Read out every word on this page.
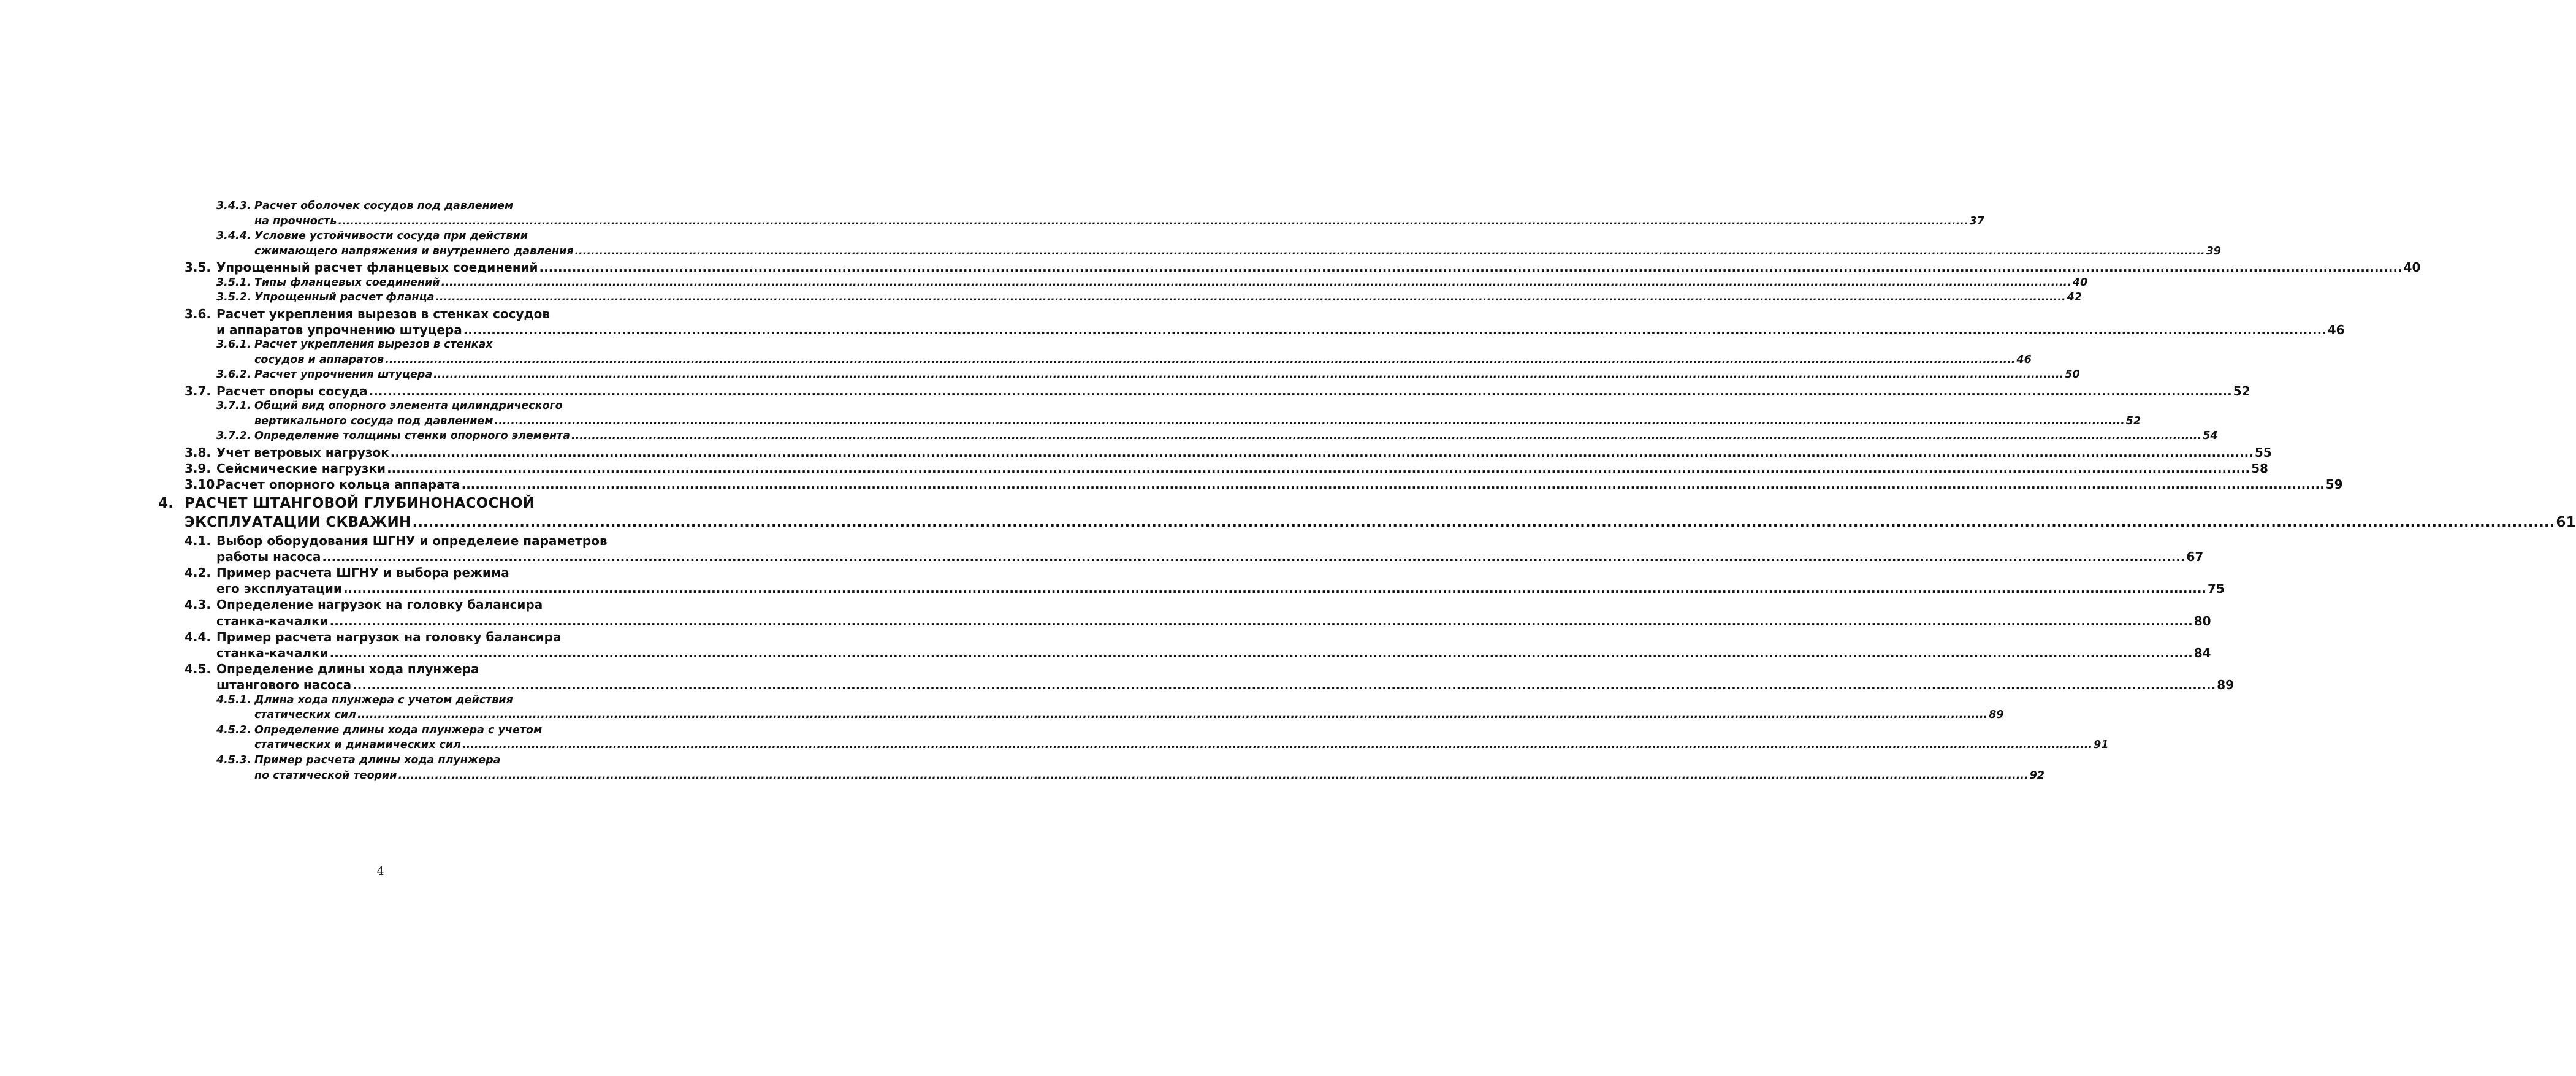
3.4.3. Расчет оболочек сосудов под давлением
на прочность ................................................................................................................................................................................................................................................................................................................................................................................................................ 37
3.4.4. Условие устойчивости сосуда при действии
сжимающего напряжения и внутреннего давления ................................................................................................................................................................................................................................................................................................................................................................................................................ 39
3.5. Упрощенный расчет фланцевых соединений ................................................................................................................................................................................................................................................................................................................................................................................................................ 40
3.5.1. Типы фланцевых соединений ................................................................................................................................................................................................................................................................................................................................................................................................................ 40
3.5.2. Упрощенный расчет фланца ................................................................................................................................................................................................................................................................................................................................................................................................................ 42
3.6. Расчет укрепления вырезов в стенках сосудов
и аппаратов упрочнению штуцера ................................................................................................................................................................................................................................................................................................................................................................................................................ 46
3.6.1. Расчет укрепления вырезов в стенках
сосудов и аппаратов ................................................................................................................................................................................................................................................................................................................................................................................................................ 46
3.6.2. Расчет упрочнения штуцера ................................................................................................................................................................................................................................................................................................................................................................................................................ 50
3.7. Расчет опоры сосуда ................................................................................................................................................................................................................................................................................................................................................................................................................ 52
3.7.1. Общий вид опорного элемента цилиндрического
вертикального сосуда под давлением ................................................................................................................................................................................................................................................................................................................................................................................................................ 52
3.7.2. Определение толщины стенки опорного элемента ................................................................................................................................................................................................................................................................................................................................................................................................................ 54
3.8. Учет ветровых нагрузок ................................................................................................................................................................................................................................................................................................................................................................................................................ 55
3.9. Сейсмические нагрузки ................................................................................................................................................................................................................................................................................................................................................................................................................ 58
3.10.
Расчет опорного кольца аппарата ................................................................................................................................................................................................................................................................................................................................................................................................................ 59
4. РАСЧЕТ ШТАНГОВОЙ ГЛУБИНОНАСОСНОЙ
ЭКСПЛУАТАЦИИ СКВАЖИН ................................................................................................................................................................................................................................................................................................................................................................................................................ 61
4.1. Выбор оборудования ШГНУ и определеие параметров
работы насоса ................................................................................................................................................................................................................................................................................................................................................................................................................ 67
4.2. Пример расчета ШГНУ и выбора режима
его эксплуатации ................................................................................................................................................................................................................................................................................................................................................................................................................ 75
4.3. Определение нагрузок на головку балансира
станка-качалки ................................................................................................................................................................................................................................................................................................................................................................................................................ 80
4.4. Пример расчета нагрузок на головку балансира
станка-качалки ................................................................................................................................................................................................................................................................................................................................................................................................................ 84
4.5. Определение длины хода плунжера
штангового насоса ................................................................................................................................................................................................................................................................................................................................................................................................................ 89
4.5.1. Длина хода плунжера с учетом действия
статических сил ................................................................................................................................................................................................................................................................................................................................................................................................................ 89
4.5.2. Определение длины хода плунжера с учетом
статических и динамических сил ................................................................................................................................................................................................................................................................................................................................................................................................................ 91
4.5.3. Пример расчета длины хода плунжера
по статической теории ................................................................................................................................................................................................................................................................................................................................................................................................................ 92
4
